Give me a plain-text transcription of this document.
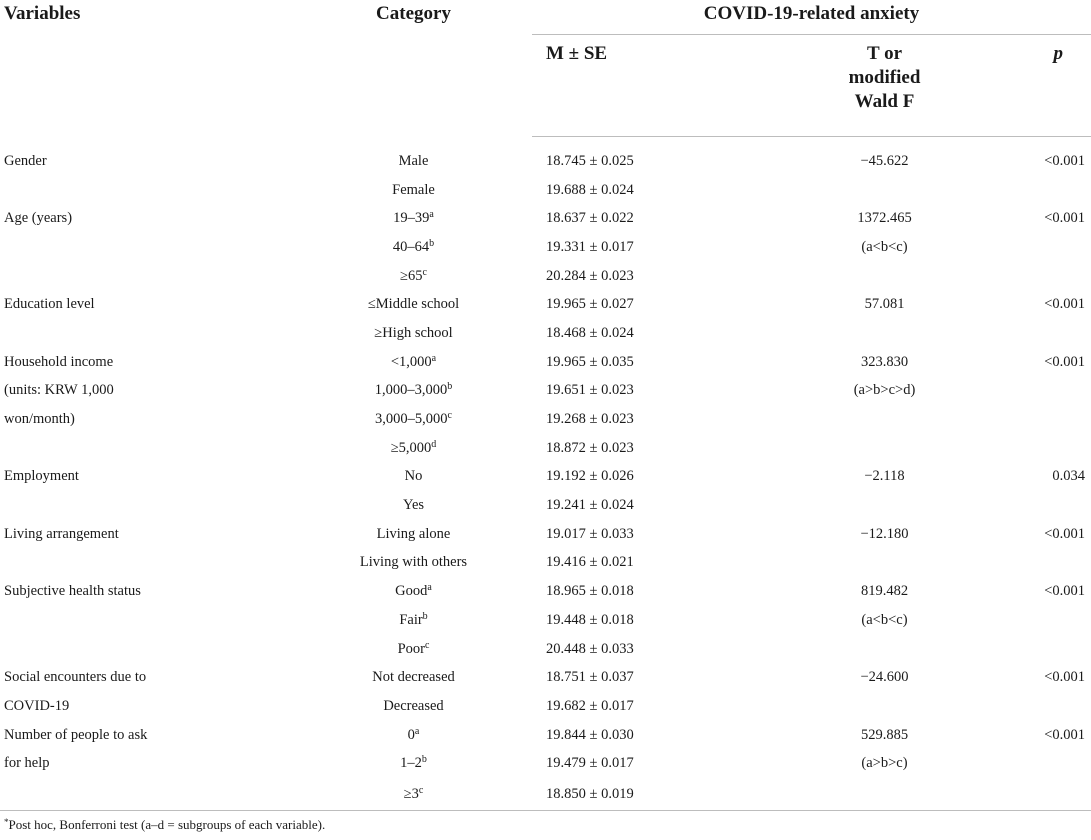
Variables	Category	COVID-19-related anxiety		
		M ± SE	T or
modified
Wald F	p
Gender	Male	18.745 ± 0.025	−45.622	<0.001
	Female	19.688 ± 0.024		
Age (years)	19–39$^a$	18.637 ± 0.022	1372.465	<0.001
	40–64$^b$	19.331 ± 0.017	(a<b<c)	
	$\ge 65^c$	20.284 ± 0.023		
Education level	≤Middle school	19.965 ± 0.027	57.081	<0.001
	≥High school	18.468 ± 0.024		
Household income	<1,000$^a$	19.965 ± 0.035	323.830	<0.001
(units: KRW 1,000	1,000–3,000$^b$	19.651 ± 0.023	(a>b>c>d)	
won/month)	3,000–5,000$^c$	19.268 ± 0.023		
	≥5,000$^d$	18.872 ± 0.023		
Employment	No	19.192 ± 0.026	−2.118	0.034
	Yes	19.241 ± 0.024		
Living arrangement	Living alone	19.017 ± 0.033	−12.180	<0.001
	Living with others	19.416 ± 0.021		
Subjective health status	Good$^a$	18.965 ± 0.018	819.482	<0.001
	Fair$^b$	19.448 ± 0.018	(a<b<c)	
	Poor$^c$	20.448 ± 0.033		
Social encounters due to	Not decreased	18.751 ± 0.037	−24.600	<0.001
COVID-19	Decreased	19.682 ± 0.017		
Number of people to ask	0$^a$	19.844 ± 0.030	529.885	<0.001
for help	1–2$^b$	19.479 ± 0.017	(a>b>c)	
	$\ge 3^c$	18.850 ± 0.019		
*Post hoc, Bonferroni test (a–d = subgroups of each variable).
